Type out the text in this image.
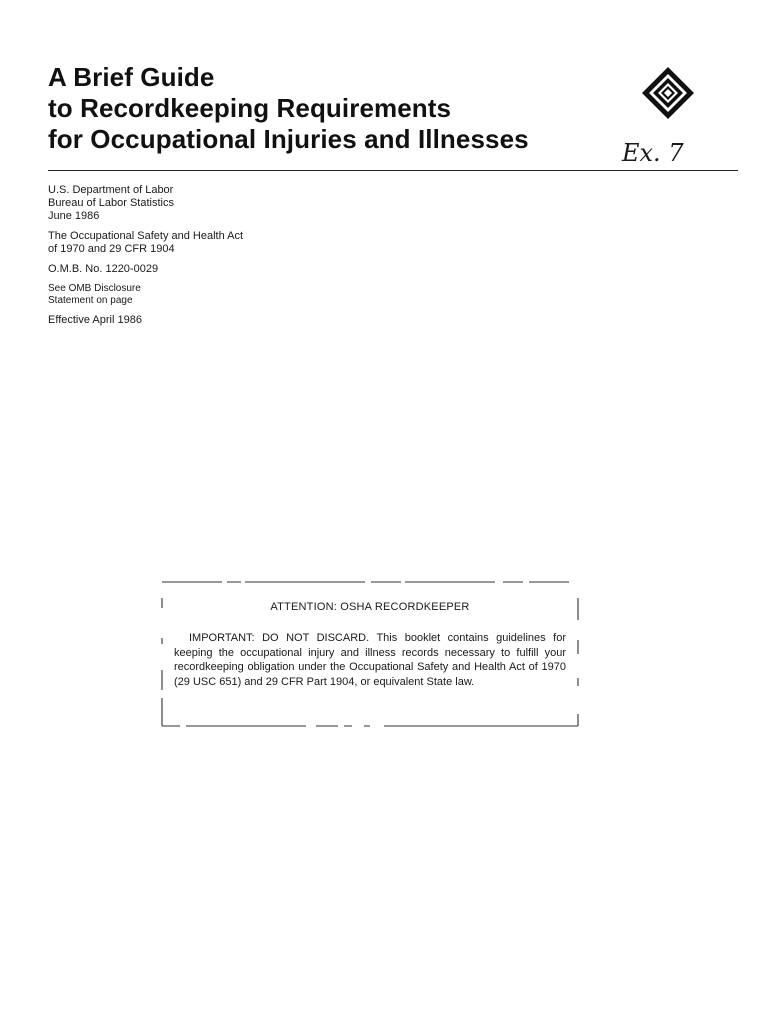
A Brief Guide
to Recordkeeping Requirements
for Occupational Injuries and Illnesses	Ex. 7
U.S. Department of Labor
Bureau of Labor Statistics
June 1986
The Occupational Safety and Health Act
of 1970 and 29 CFR 1904
O.M.B. No. 1220-0029
See OMB Disclosure
Statement on page
Effective April 1986
ATTENTION: OSHA RECORDKEEPER
IMPORTANT: DO NOT DISCARD. This booklet contains guidelines for keeping the occupational injury and illness records necessary to fulfill your recordkeeping obligation under the Occupational Safety and Health Act of 1970 (29 USC 651) and 29 CFR Part 1904, or equivalent State law.
